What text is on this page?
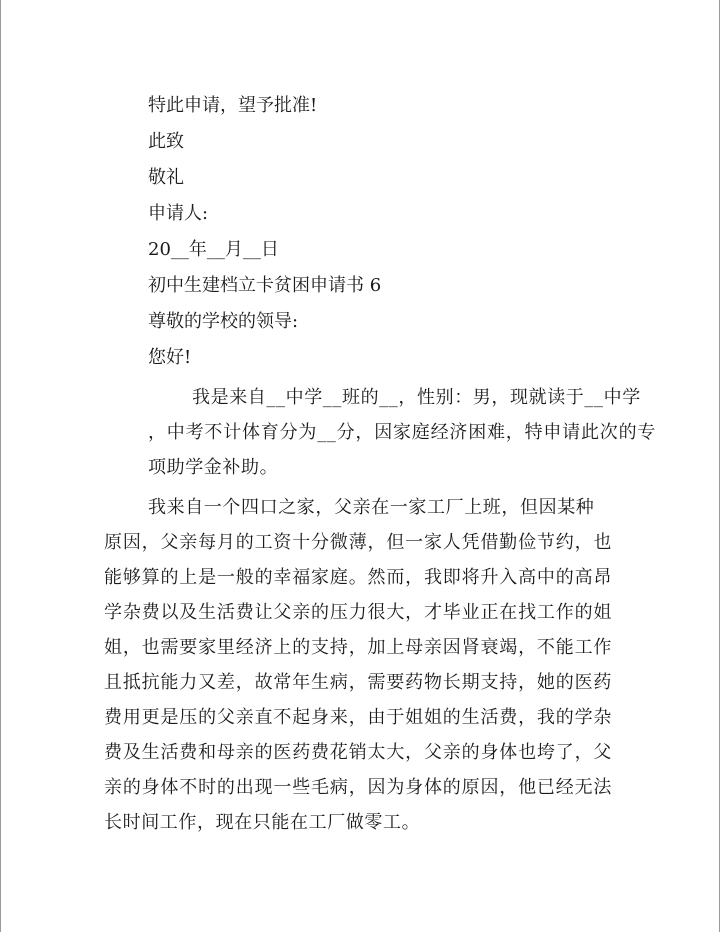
特此申请，望予批准!
此致
敬礼
申请人:
20__年__月__日
初中生建档立卡贫困申请书 6
尊敬的学校的领导:
您好!

我是来自__中学__班的__，性别：男，现就读于__中学

，中考不计体育分为__分，因家庭经济困难，特申请此次的专项助学金补助。

我来自一个四口之家，父亲在一家工厂上班，但因某种

原因，父亲每月的工资十分微薄，但一家人凭借勤俭节约，也能够算的上是一般的幸福家庭。然而，我即将升入高中的高昂学杂费以及生活费让父亲的压力很大，才毕业正在找工作的姐姐，也需要家里经济上的支持，加上母亲因肾衰竭，不能工作且抵抗能力又差，故常年生病，需要药物长期支持，她的医药费用更是压的父亲直不起身来，由于姐姐的生活费，我的学杂费及生活费和母亲的医药费花销太大，父亲的身体也垮了，父亲的身体不时的出现一些毛病，因为身体的原因，他已经无法长时间工作，现在只能在工厂做零工。
